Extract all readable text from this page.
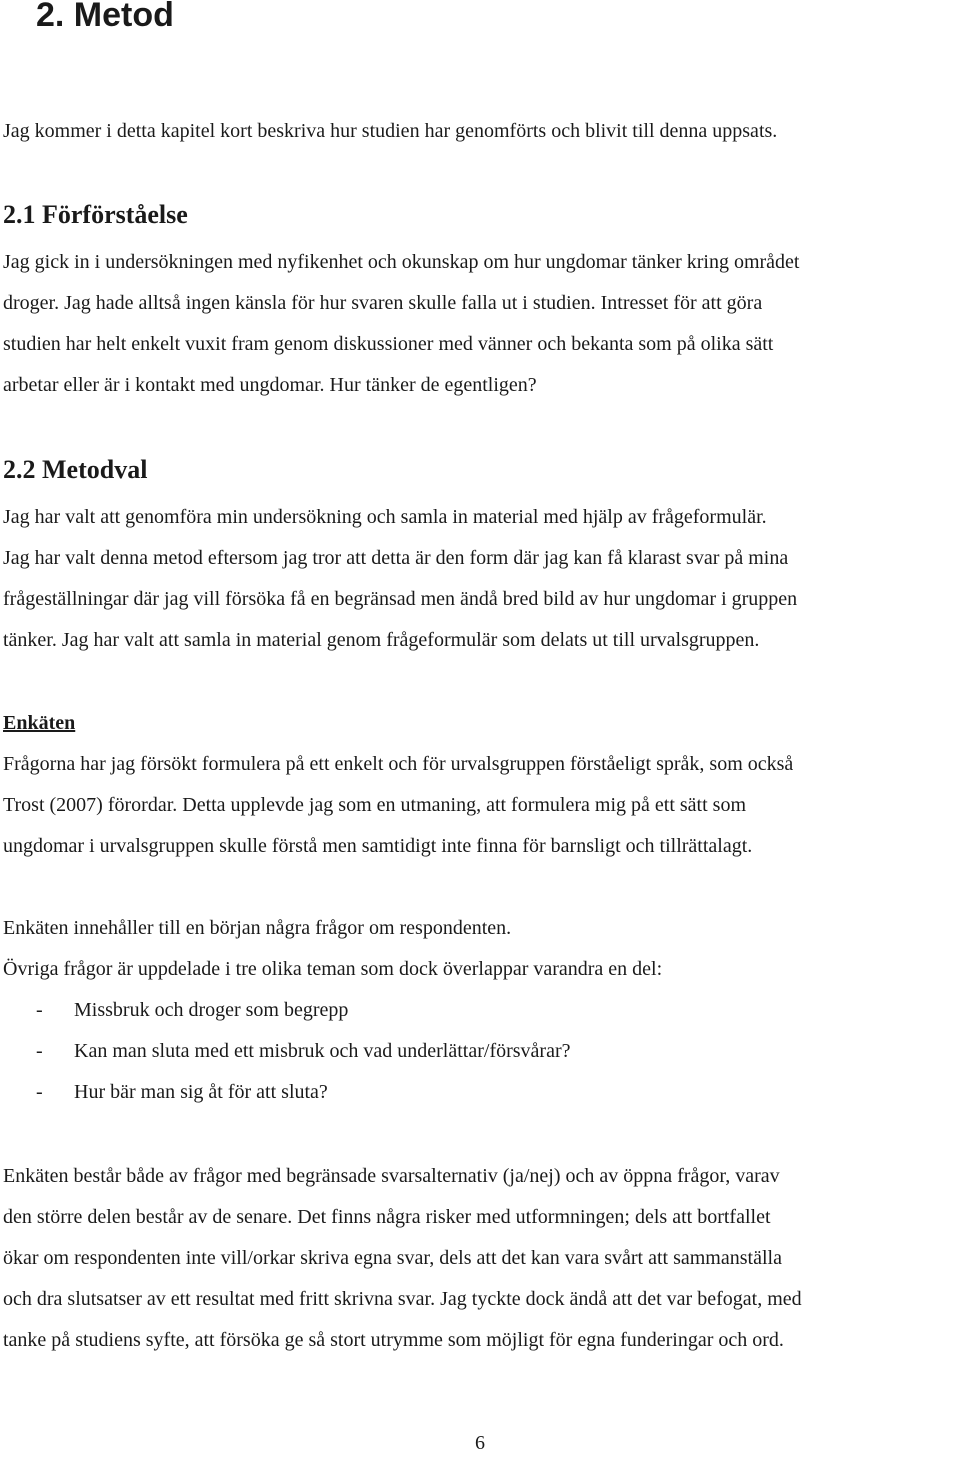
2. Metod
Jag kommer i detta kapitel kort beskriva hur studien har genomförts och blivit till denna uppsats.
2.1 Förförståelse
Jag gick in i undersökningen med nyfikenhet och okunskap om hur ungdomar tänker kring området
droger. Jag hade alltså ingen känsla för hur svaren skulle falla ut i studien. Intresset för att göra
studien har helt enkelt vuxit fram genom diskussioner med vänner och bekanta som på olika sätt
arbetar eller är i kontakt med ungdomar. Hur tänker de egentligen?
2.2 Metodval
Jag har valt att genomföra min undersökning och samla in material med hjälp av frågeformulär.
Jag har valt denna metod eftersom jag tror att detta är den form där jag kan få klarast svar på mina
frågeställningar där jag vill försöka få en begränsad men ändå bred bild av hur ungdomar i gruppen
tänker. Jag har valt att samla in material genom frågeformulär som delats ut till urvalsgruppen.
Enkäten
Frågorna har jag försökt formulera på ett enkelt och för urvalsgruppen förståeligt språk, som också
Trost (2007) förordar. Detta upplevde jag som en utmaning, att formulera mig på ett sätt som
ungdomar i urvalsgruppen skulle förstå men samtidigt inte finna för barnsligt och tillrättalagt.
Enkäten innehåller till en början några frågor om respondenten.
Övriga frågor är uppdelade i tre olika teman som dock överlappar varandra en del:
- Missbruk och droger som begrepp
- Kan man sluta med ett misbruk och vad underlättar/försvårar?
- Hur bär man sig åt för att sluta?
Enkäten består både av frågor med begränsade svarsalternativ (ja/nej) och av öppna frågor, varav
den större delen består av de senare. Det finns några risker med utformningen; dels att bortfallet
ökar om respondenten inte vill/orkar skriva egna svar, dels att det kan vara svårt att sammanställa
och dra slutsatser av ett resultat med fritt skrivna svar. Jag tyckte dock ändå att det var befogat, med
tanke på studiens syfte, att försöka ge så stort utrymme som möjligt för egna funderingar och ord.
6
